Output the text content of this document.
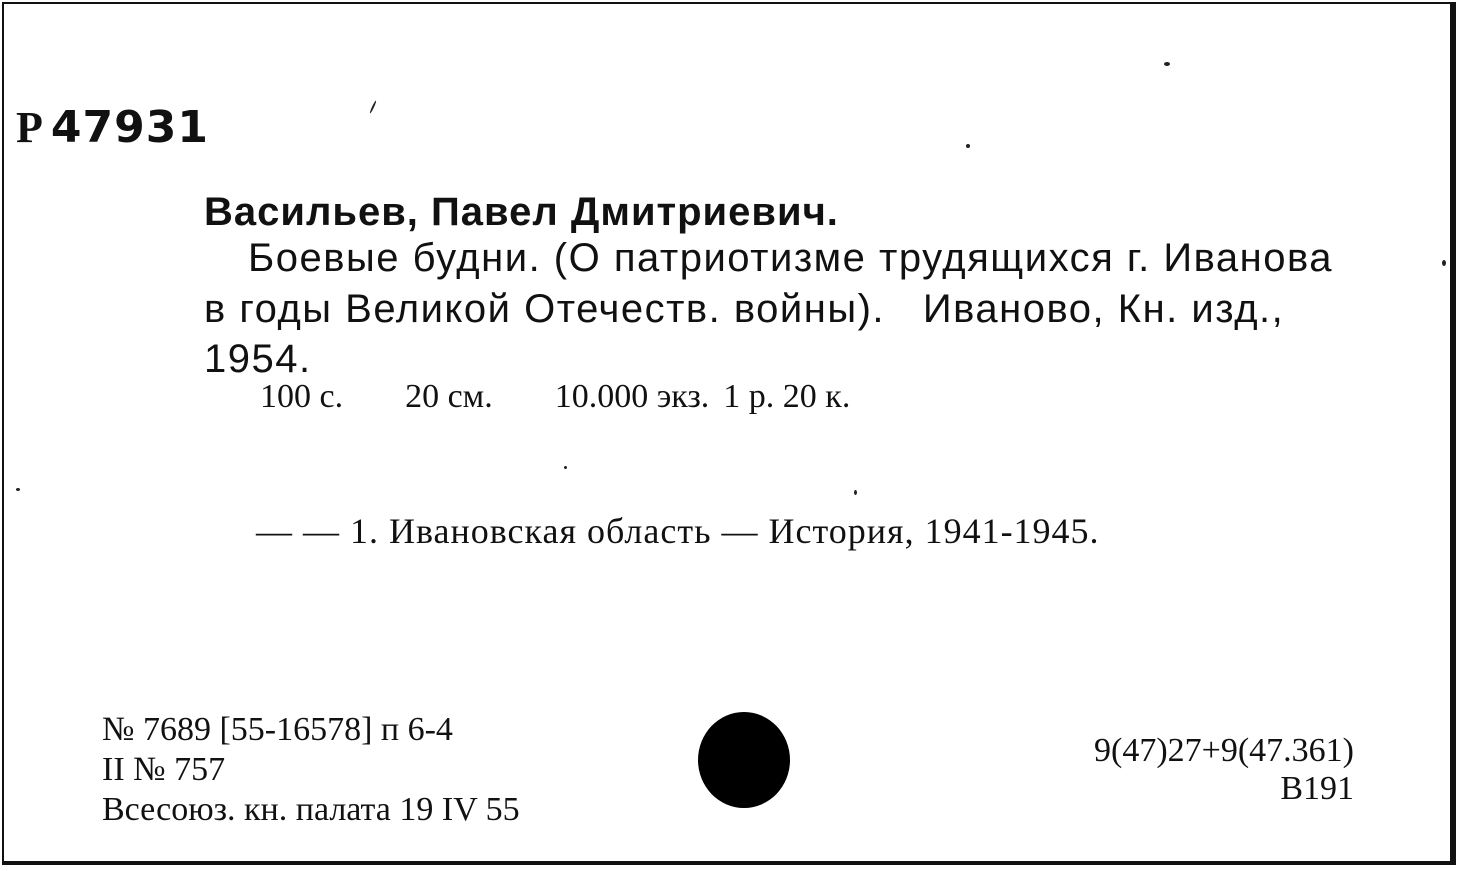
Р 47931
Васильев, Павел Дмитриевич.
Боевые будни. (О патриотизме трудящихся г. Иванова
в годы Великой Отечеств. войны).   Иваново, Кн. изд.,
1954.
100 с. 20 см. 10.000 экз. 1 р. 20 к.
— — 1. Ивановская область — История, 1941-1945.
№ 7689 [55-16578] п 6-4
II № 757
Всесоюз. кн. палата 19 IV 55
9(47)27+9(47.361)
В191
